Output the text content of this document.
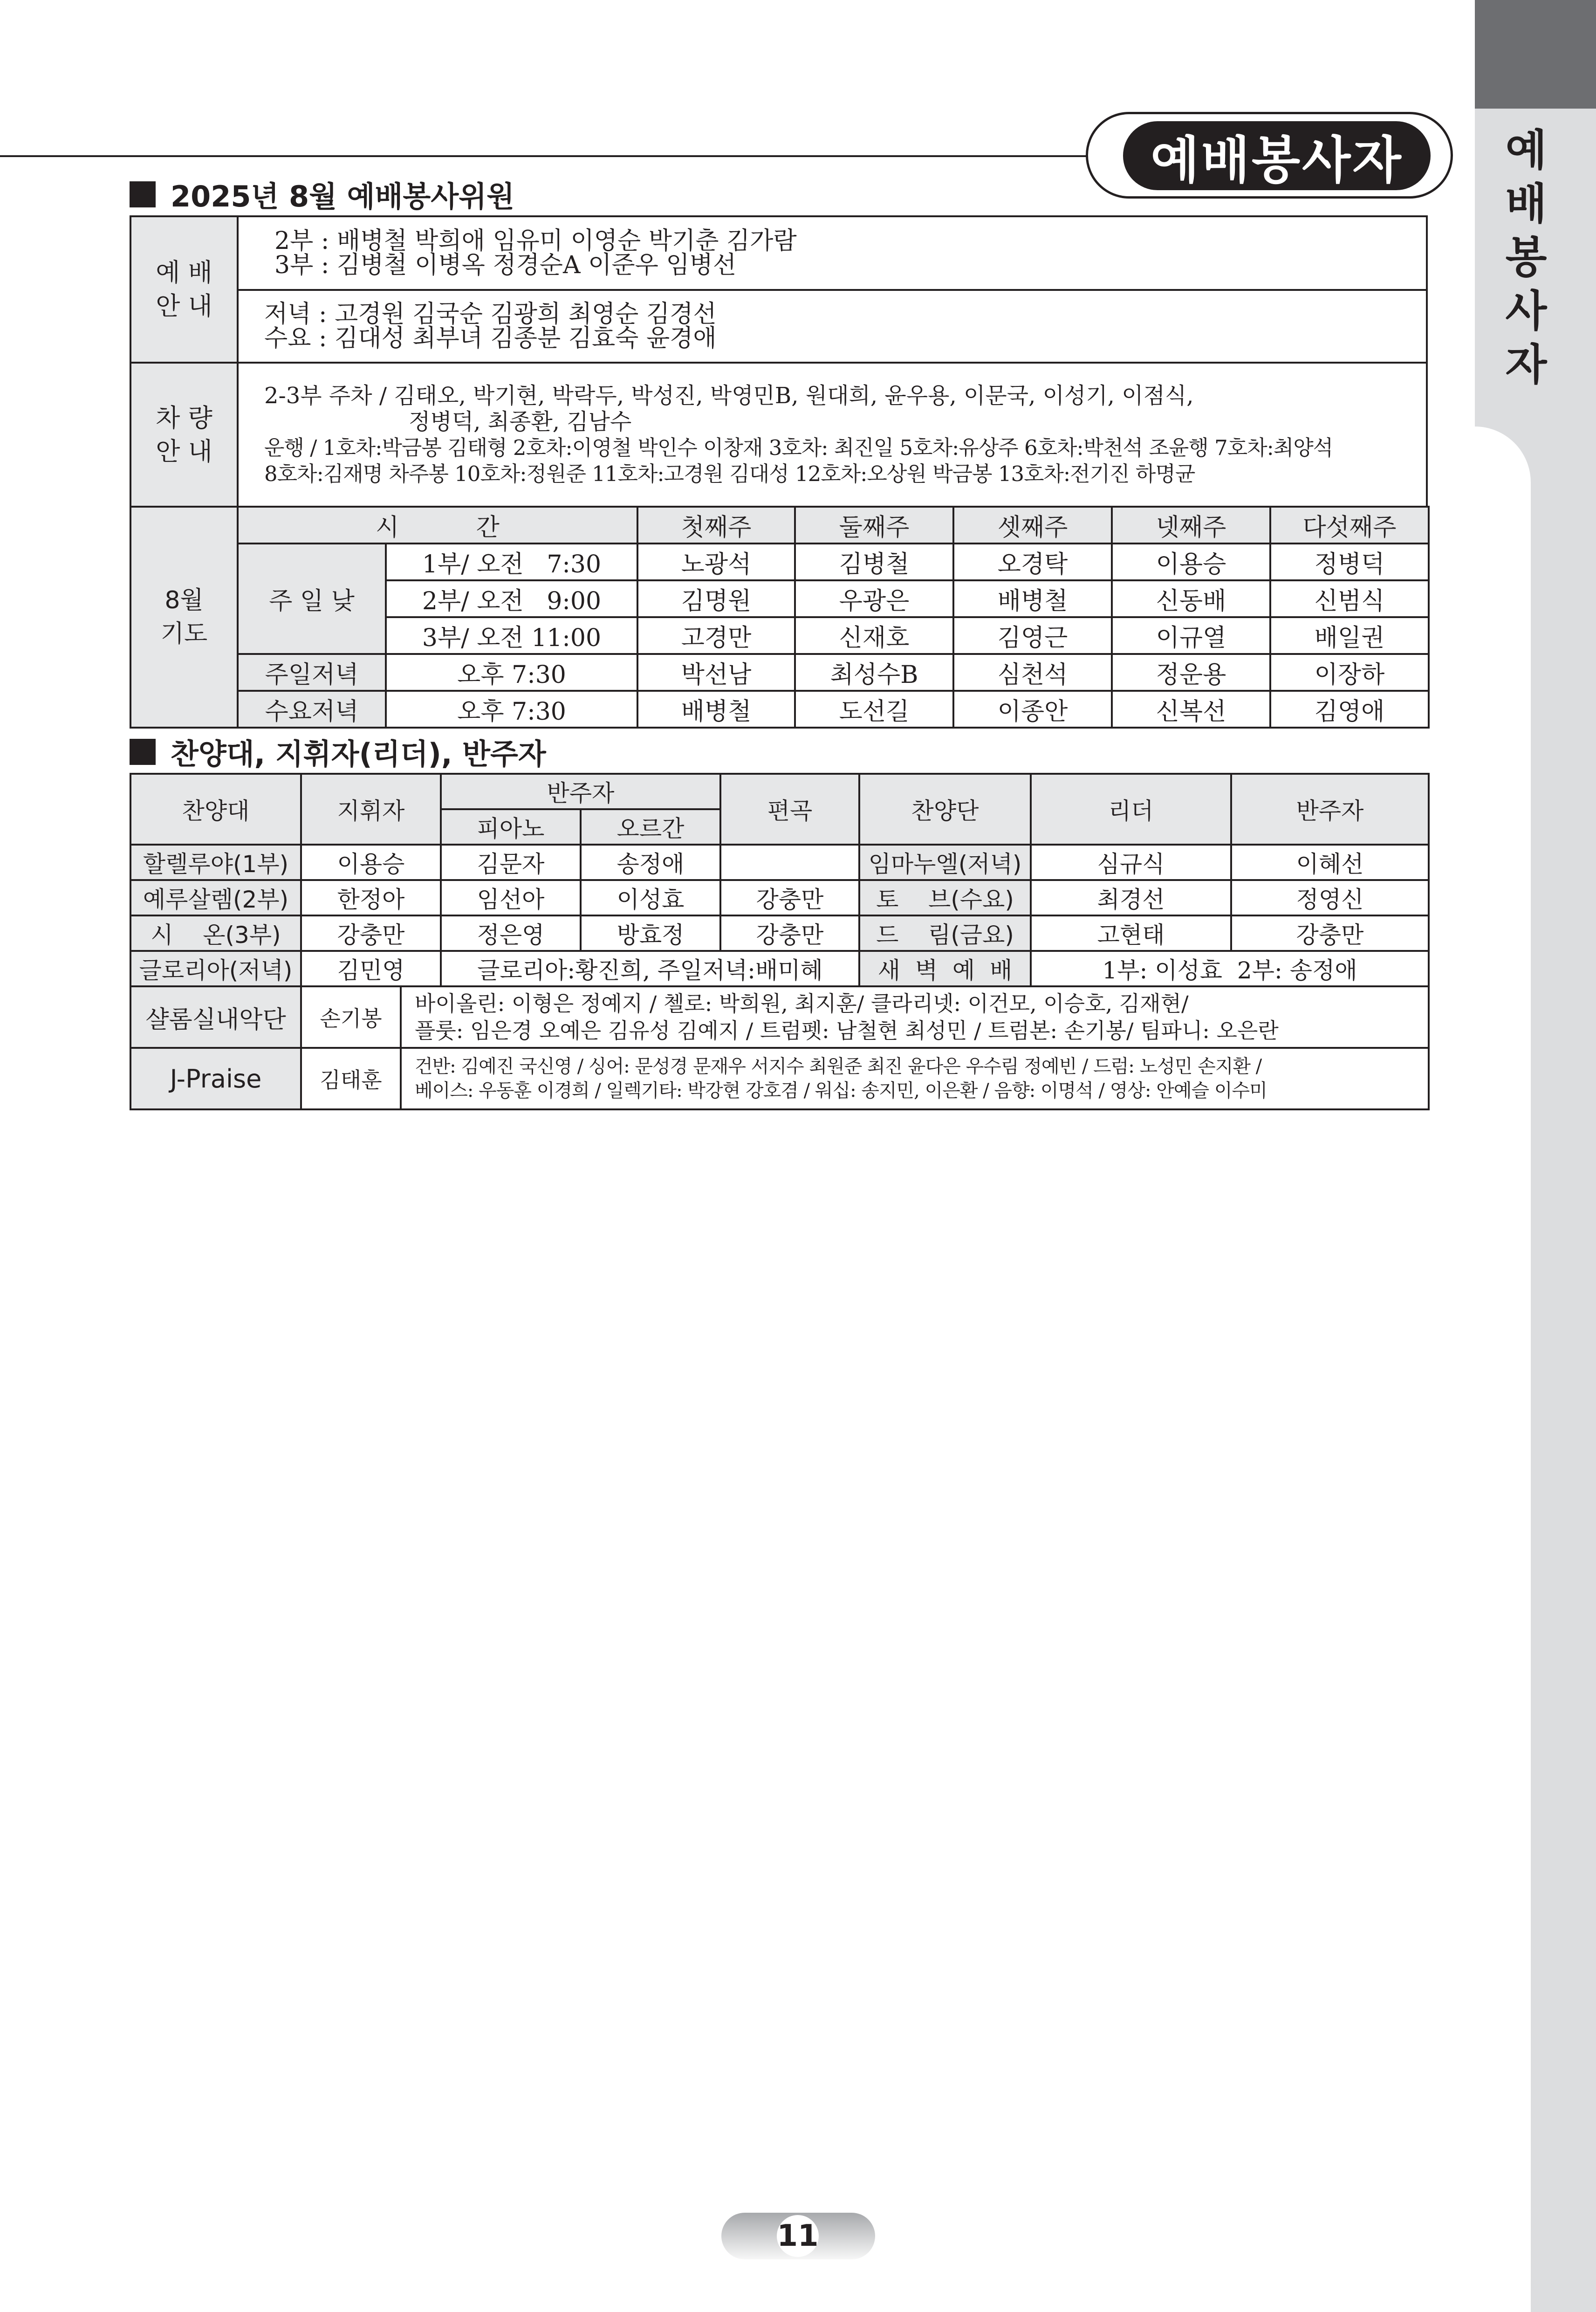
예
배
봉
사
자
예배봉사자
2025년 8월 예배봉사위원
예 배
안 내

2부 : 배병철 박희애 임유미 이영순 박기춘 김가람
3부 : 김병철 이병옥 정경순A 이준우 임병선

	저녁 : 고경원 김국순 김광희 최영순 김경선
수요 : 김대성 최부녀 김종분 김효숙 윤경애

차 량
안 내

2-3부 주차 / 김태오, 박기현, 박락두, 박성진, 박영민B, 원대희, 윤우용, 이문국, 이성기, 이점식,
정병덕, 최종환, 김남수
운행 / 1호차:박금봉 김태형 2호차:이영철 박인수 이창재 3호차: 최진일 5호차:유상주 6호차:박천석 조윤행 7호차:최양석
8호차:김재명 차주봉 10호차:정원준 11호차:고경원 김대성 12호차:오상원 박금봉 13호차:전기진 하명균
8월
기도	시          간		첫째주	둘째주	셋째주	넷째주	다섯째주
	주 일 낮	1부/ 오전   7:30	노광석	김병철	오경탁	이용승	정병덕
		2부/ 오전   9:00	김명원	우광은	배병철	신동배	신범식
		3부/ 오전 11:00	고경만	신재호	김영근	이규열	배일권
	주일저녁	오후 7:30	박선남	최성수B	심천석	정운용	이장하
	수요저녁	오후 7:30	배병철	도선길	이종안	신복선	김영애
찬양대, 지휘자(리더), 반주자
찬양대	지휘자	반주자		편곡	찬양단	리더	반주자
		피아노	오르간				
할렐루야(1부)	이용승	김문자	송정애		임마누엘(저녁)	심규식	이혜선
예루살렘(2부)	한정아	임선아	이성효	강충만	토    브(수요)	최경선	정영신
시    온(3부)	강충만	정은영	방효정	강충만	드    림(금요)	고현태	강충만
글로리아(저녁)	김민영	글로리아:황진희, 주일저녁:배미혜			새  벽  예  배	1부: 이성효  2부: 송정애	
샬롬실내악단	손기봉
바이올린: 이형은 정예지 / 첼로: 박희원, 최지훈/ 클라리넷: 이건모, 이승호, 김재현/
플룻: 임은경 오예은 김유성 김예지 / 트럼펫: 남철현 최성민 / 트럼본: 손기봉/ 팀파니: 오은란						

J-Praise	김태훈
건반: 김예진 국신영 / 싱어: 문성경 문재우 서지수 최원준 최진 윤다은 우수림 정예빈 / 드럼: 노성민 손지환 /
베이스: 우동훈 이경희 / 일렉기타: 박강현 강호겸 / 워십: 송지민, 이은환 / 음향: 이명석 / 영상: 안예슬 이수미						
11
